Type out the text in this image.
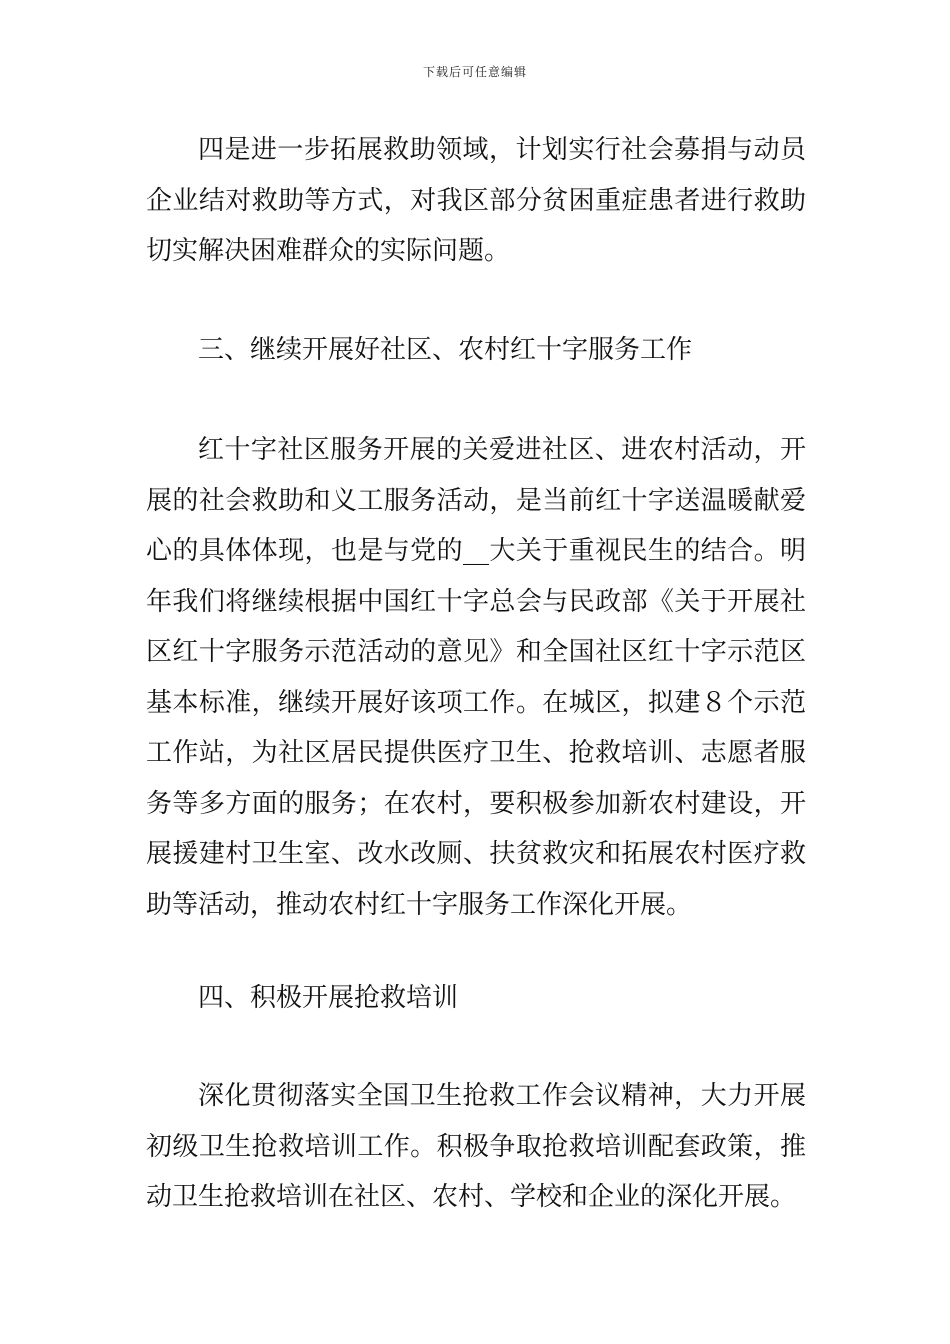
下载后可任意编辑

四是进一步拓展救助领域，计划实行社会募捐与动员企业结对救助等方式，对我区部分贫困重症患者进行救助切实解决困难群众的实际问题。

三、继续开展好社区、农村红十字服务工作

红十字社区服务开展的关爱进社区、进农村活动，开展的社会救助和义工服务活动，是当前红十字送温暖献爱心的具体体现，也是与党的__大关于重视民生的结合。明年我们将继续根据中国红十字总会与民政部《关于开展社区红十字服务示范活动的意见》和全国社区红十字示范区基本标准，继续开展好该项工作。在城区，拟建８个示范工作站，为社区居民提供医疗卫生、抢救培训、志愿者服务等多方面的服务；在农村，要积极参加新农村建设，开展援建村卫生室、改水改厕、扶贫救灾和拓展农村医疗救助等活动，推动农村红十字服务工作深化开展。

四、积极开展抢救培训

深化贯彻落实全国卫生抢救工作会议精神，大力开展初级卫生抢救培训工作。积极争取抢救培训配套政策，推动卫生抢救培训在社区、农村、学校和企业的深化开展。
